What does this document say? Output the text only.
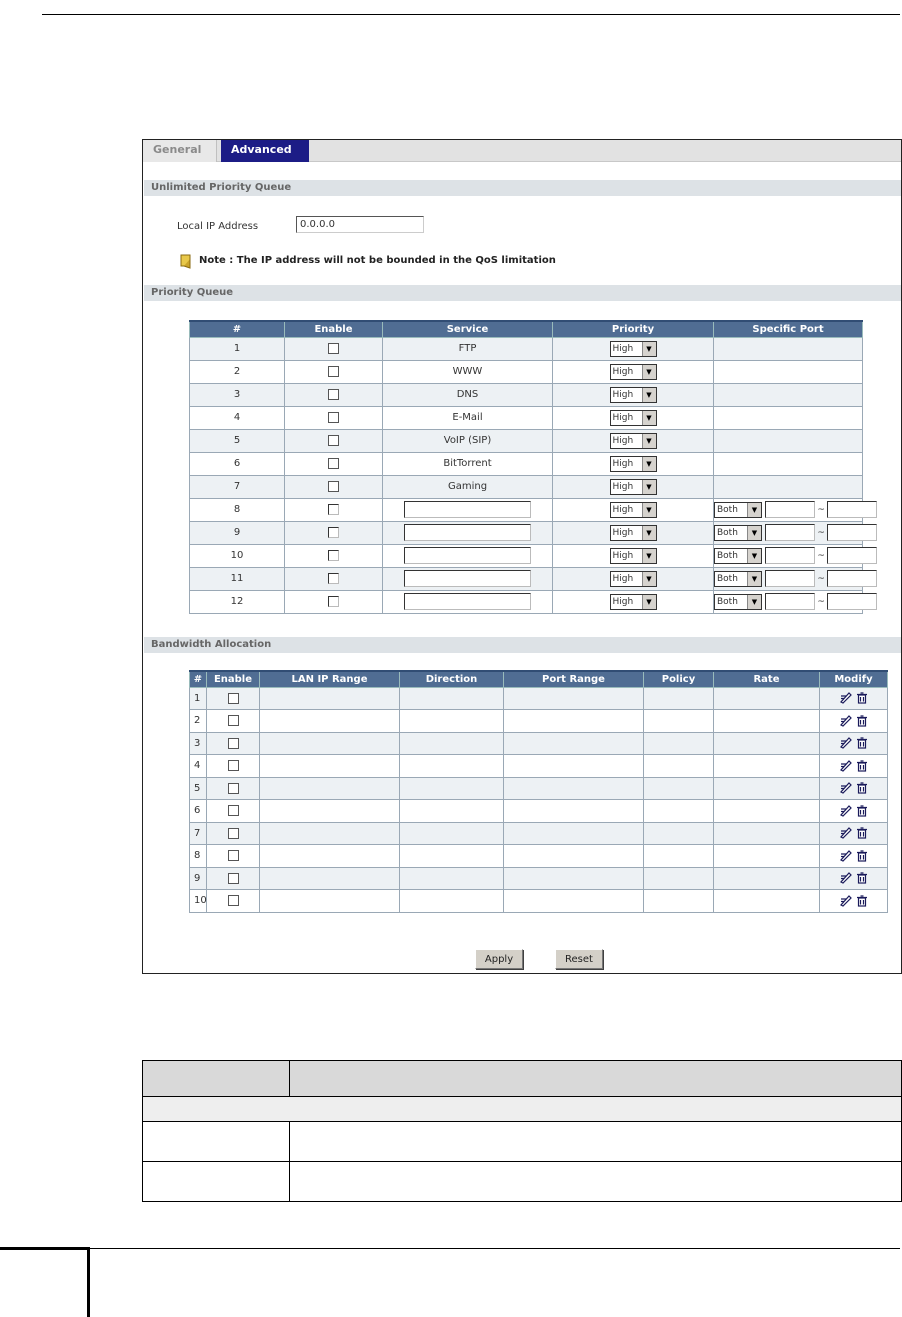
General	Advanced
Unlimited Priority Queue
Local IP Address
0.0.0.0
Note : The IP address will not be bounded in the QoS limitation
Priority Queue
#	Enable	Service	Priority	Specific Port
1		FTP	High ▼	

2		WWW	High ▼	

3		DNS	High ▼	

4		E-Mail	High ▼	

5		VoIP (SIP)	High ▼	

6		BitTorrent	High ▼	

7		Gaming	High ▼	

8			High ▼	Both ▼ ~
9			High ▼	Both ▼ ~
10			High ▼	Both ▼ ~
11			High ▼	Both ▼ ~
12			High ▼	Both ▼ ~
Bandwidth Allocation
#	Enable	LAN IP Range	Direction	Port Range	Policy	Rate	Modify
1							
2							
3							
4							
5							
6							
7							
8							
9							
10							
Apply	Reset
